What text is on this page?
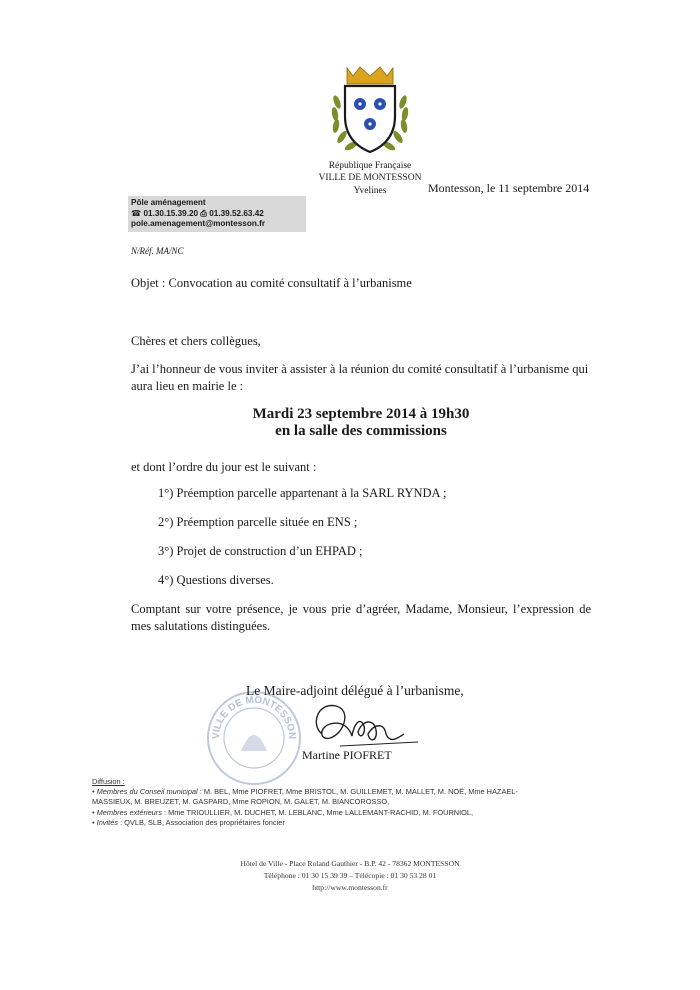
République Française
VILLE DE MONTESSON
Yvelines	Montesson, le 11 septembre 2014
Pôle aménagement
☎ 01.30.15.39.20 ⎙ 01.39.52.63.42
pole.amenagement@montesson.fr
N/Réf. MA/NC
Objet : Convocation au comité consultatif à l’urbanisme
Chères et chers collègues,
J’ai l’honneur de vous inviter à assister à la réunion du comité consultatif à l’urbanisme qui aura lieu en mairie le :
Mardi 23 septembre 2014 à 19h30
en la salle des commissions
et dont l’ordre du jour est le suivant :
1°) Préemption parcelle appartenant à la SARL RYNDA ;
2°) Préemption parcelle située en ENS ;
3°) Projet de construction d’un EHPAD ;
4°) Questions diverses.
Comptant sur votre présence, je vous prie d’agréer, Madame, Monsieur, l’expression de mes salutations distinguées.
VILLE DE MONTESSON
Le Maire-adjoint délégué à l’urbanisme,
Martine PIOFRET
Diffusion :
• Membres du Conseil municipal : M. BEL, Mme PIOFRET, Mme BRISTOL, M. GUILLEMET, M. MALLET, M. NOË, Mme HAZAEL-
MASSIEUX, M. BREUZET, M. GASPARD, Mme ROPION, M. GALET, M. BIANCOROSSO,
• Membres extérieurs : Mme TRIOULLIER, M. DUCHET, M. LEBLANC, Mme LALLEMANT-RACHID, M. FOURNIOL,
• Invités : QVLB, SLB, Association des propriétaires foncier
Hôtel de Ville - Place Roland Gauthier - B.P. 42 - 78362 MONTESSON
Téléphone : 01 30 15 39 39 – Télécopie : 01 30 53 28 01
http://www.montesson.fr
